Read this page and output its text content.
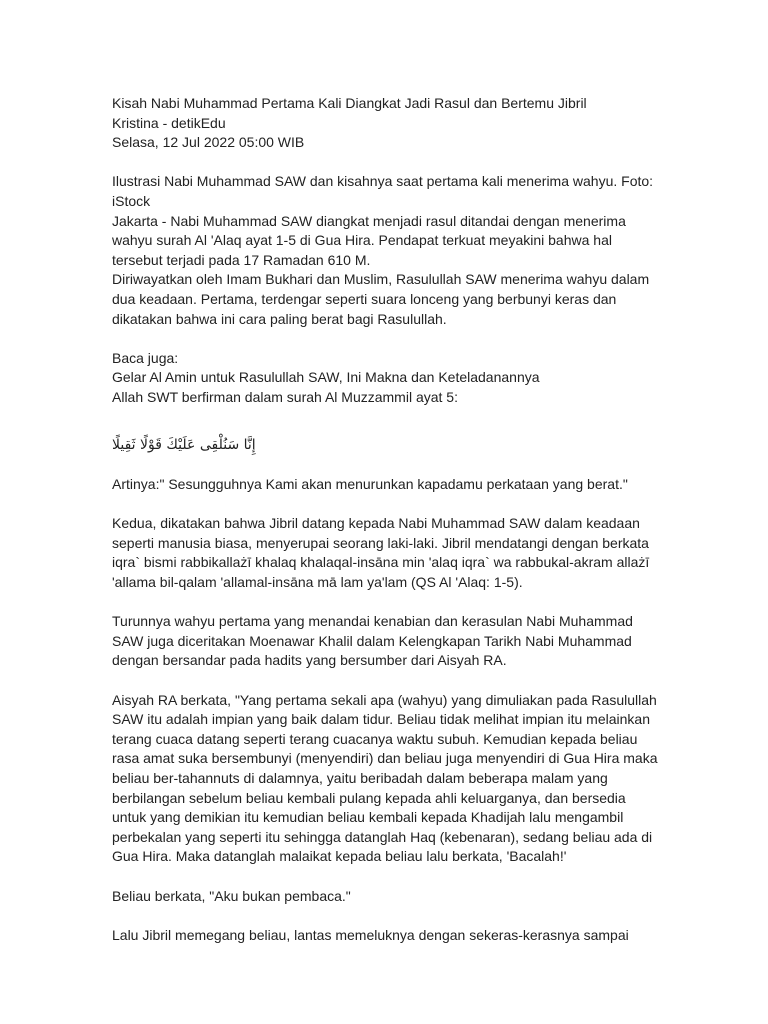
Kisah Nabi Muhammad Pertama Kali Diangkat Jadi Rasul dan Bertemu Jibril

Kristina - detikEdu

Selasa, 12 Jul 2022 05:00 WIB

Ilustrasi Nabi Muhammad SAW dan kisahnya saat pertama kali menerima wahyu. Foto: iStock

Jakarta - Nabi Muhammad SAW diangkat menjadi rasul ditandai dengan menerima wahyu surah Al 'Alaq ayat 1-5 di Gua Hira. Pendapat terkuat meyakini bahwa hal tersebut terjadi pada 17 Ramadan 610 M.

Diriwayatkan oleh Imam Bukhari dan Muslim, Rasulullah SAW menerima wahyu dalam dua keadaan. Pertama, terdengar seperti suara lonceng yang berbunyi keras dan dikatakan bahwa ini cara paling berat bagi Rasulullah.

Baca juga:

Gelar Al Amin untuk Rasulullah SAW, Ini Makna dan Keteladanannya

Allah SWT berfirman dalam surah Al Muzzammil ayat 5:

إِنَّا سَنُلْقِى عَلَيْكَ قَوْلًا ثَقِيلًا

Artinya:" Sesungguhnya Kami akan menurunkan kapadamu perkataan yang berat."

Kedua, dikatakan bahwa Jibril datang kepada Nabi Muhammad SAW dalam keadaan seperti manusia biasa, menyerupai seorang laki-laki. Jibril mendatangi dengan berkata iqra` bismi rabbikallażī khalaq khalaqal-insāna min 'alaq iqra` wa rabbukal-akram allażī 'allama bil-qalam 'allamal-insāna mā lam ya'lam (QS Al 'Alaq: 1-5).

Turunnya wahyu pertama yang menandai kenabian dan kerasulan Nabi Muhammad SAW juga diceritakan Moenawar Khalil dalam Kelengkapan Tarikh Nabi Muhammad dengan bersandar pada hadits yang bersumber dari Aisyah RA.

Aisyah RA berkata, "Yang pertama sekali apa (wahyu) yang dimuliakan pada Rasulullah SAW itu adalah impian yang baik dalam tidur. Beliau tidak melihat impian itu melainkan terang cuaca datang seperti terang cuacanya waktu subuh. Kemudian kepada beliau rasa amat suka bersembunyi (menyendiri) dan beliau juga menyendiri di Gua Hira maka beliau ber-tahannuts di dalamnya, yaitu beribadah dalam beberapa malam yang berbilangan sebelum beliau kembali pulang kepada ahli keluarganya, dan bersedia untuk yang demikian itu kemudian beliau kembali kepada Khadijah lalu mengambil perbekalan yang seperti itu sehingga datanglah Haq (kebenaran), sedang beliau ada di Gua Hira. Maka datanglah malaikat kepada beliau lalu berkata, 'Bacalah!'

Beliau berkata, "Aku bukan pembaca."

Lalu Jibril memegang beliau, lantas memeluknya dengan sekeras-kerasnya sampai
